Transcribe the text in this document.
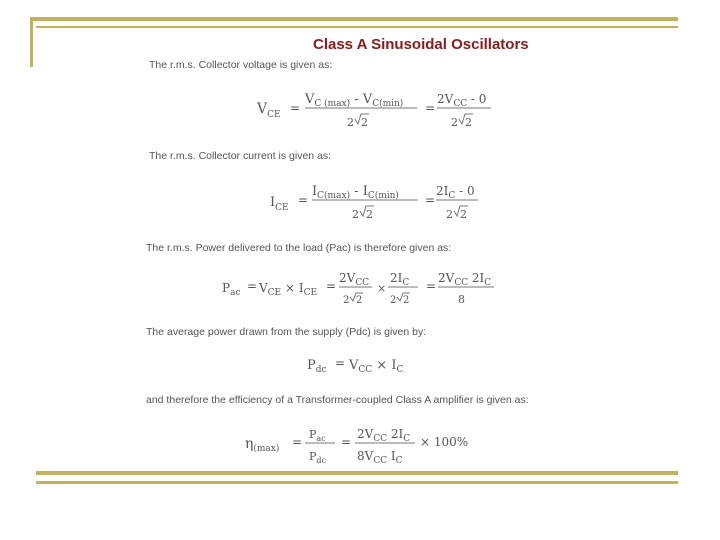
Class A Sinusoidal Oscillators
The r.m.s. Collector voltage is given as:
$V_{CE}$ =
$V_{C (max)} - V_{C(min)}$
2 2
=
$2V_{CC} - 0$
2 2
The r.m.s. Collector current is given as:
$I_{CE}$
=
$I_{C(max)} - I_{C(min)}$
2 2
=
$2I_C - 0$
2 2
The r.m.s. Power delivered to the load (Pac) is therefore given as:
$P_{ac} = V_{CE} \times I_{CE}$ =
$2V_{CC}$
2 2
×
$2I_C$
2 2
=
$2V_{CC}$ $2I_C$
8
The average power drawn from the supply (Pdc) is given by:
$P_{dc} = V_{CC} \times I_C$
and therefore the efficiency of a Transformer-coupled Class A amplifier is given as:
$\eta_{(max)}$ =
$P_{ac}$
$P_{dc}$
=
$2V_{CC}$ $2I_C$
$8V_{CC}$ $I_C$
× 100%
